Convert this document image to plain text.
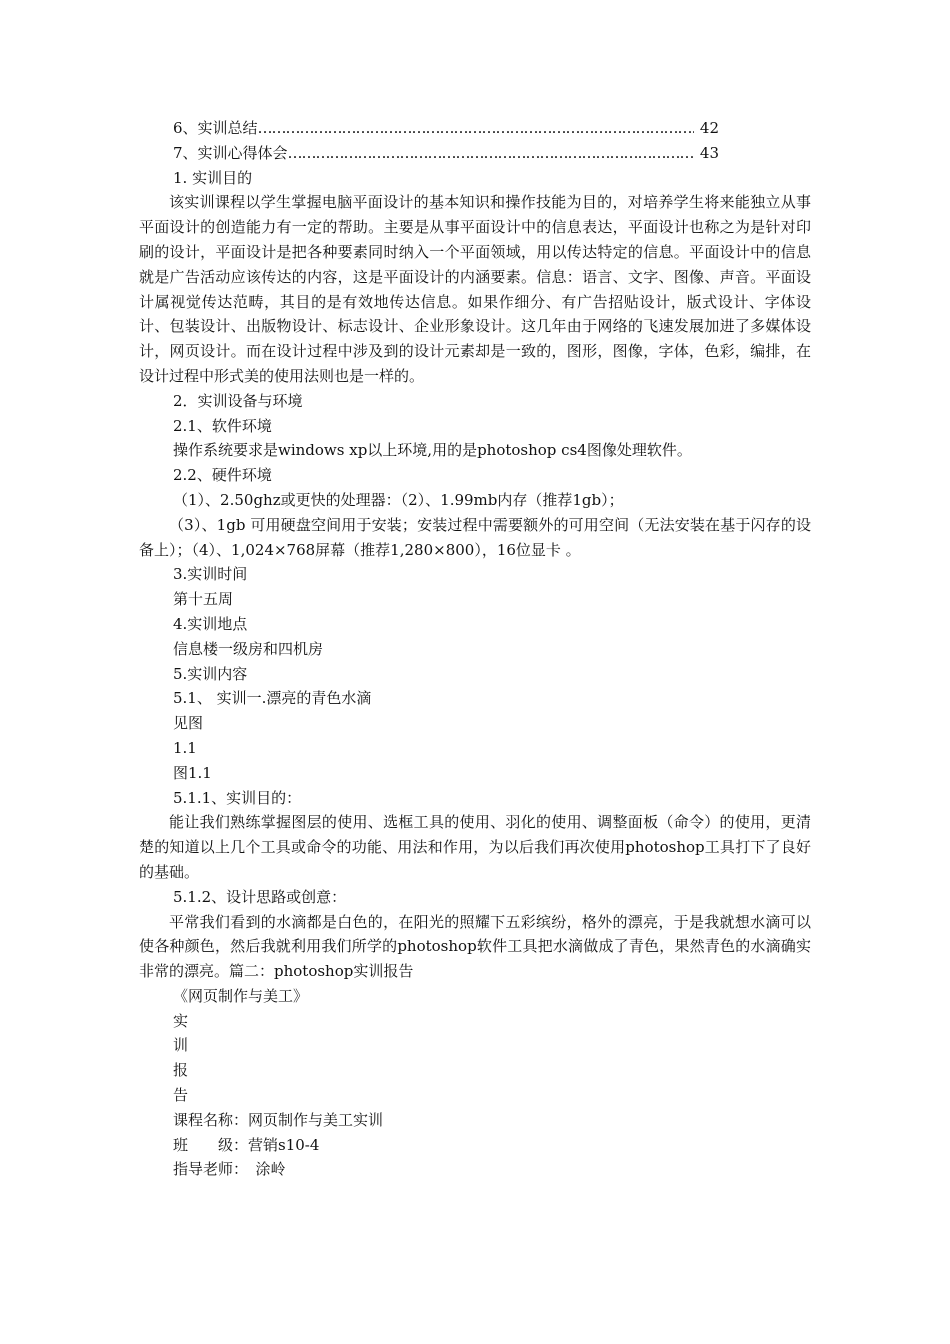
6、实训总结 …………………………………………………………………………………………………………………………………………	42
7、实训心得体会 …………………………………………………………………………………………………………………………………………	43
1. 实训目的
该实训课程以学生掌握电脑平面设计的基本知识和操作技能为目的，对培养学生将来能独立从事平面设计的创造能力有一定的帮助。主要是从事平面设计中的信息表达，平面设计也称之为是针对印刷的设计，平面设计是把各种要素同时纳入一个平面领域，用以传达特定的信息。平面设计中的信息就是广告活动应该传达的内容，这是平面设计的内涵要素。信息：语言、文字、图像、声音。平面设计属视觉传达范畴，其目的是有效地传达信息。如果作细分、有广告招贴设计，版式设计、字体设计、包装设计、出版物设计、标志设计、企业形象设计。这几年由于网络的飞速发展加进了多媒体设计，网页设计。而在设计过程中涉及到的设计元素却是一致的，图形，图像，字体，色彩，编排，在设计过程中形式美的使用法则也是一样的。
2．实训设备与环境
2.1、软件环境
操作系统要求是windows xp以上环境,用的是photoshop cs4图像处理软件。
2.2、硬件环境
（1）、2.50ghz或更快的处理器：（2）、1.99mb内存（推荐1gb）；
（3）、1gb 可用硬盘空间用于安装；安装过程中需要额外的可用空间（无法安装在基于闪存的设备上）；（4）、1,024×768屏幕（推荐1,280×800），16位显卡 。
3.实训时间
第十五周
4.实训地点
信息楼一级房和四机房
5.实训内容
5.1、 实训一.漂亮的青色水滴
见图
1.1
图1.1
5.1.1、实训目的：
能让我们熟练掌握图层的使用、选框工具的使用、羽化的使用、调整面板（命令）的使用，更清楚的知道以上几个工具或命令的功能、用法和作用，为以后我们再次使用photoshop工具打下了良好的基础。
5.1.2、设计思路或创意：
平常我们看到的水滴都是白色的，在阳光的照耀下五彩缤纷，格外的漂亮，于是我就想水滴可以使各种颜色，然后我就利用我们所学的photoshop软件工具把水滴做成了青色，果然青色的水滴确实非常的漂亮。篇二：photoshop实训报告
《网页制作与美工》
实
训
报
告
课程名称：网页制作与美工实训
班　　级：营销s10-4
指导老师：　涂岭
